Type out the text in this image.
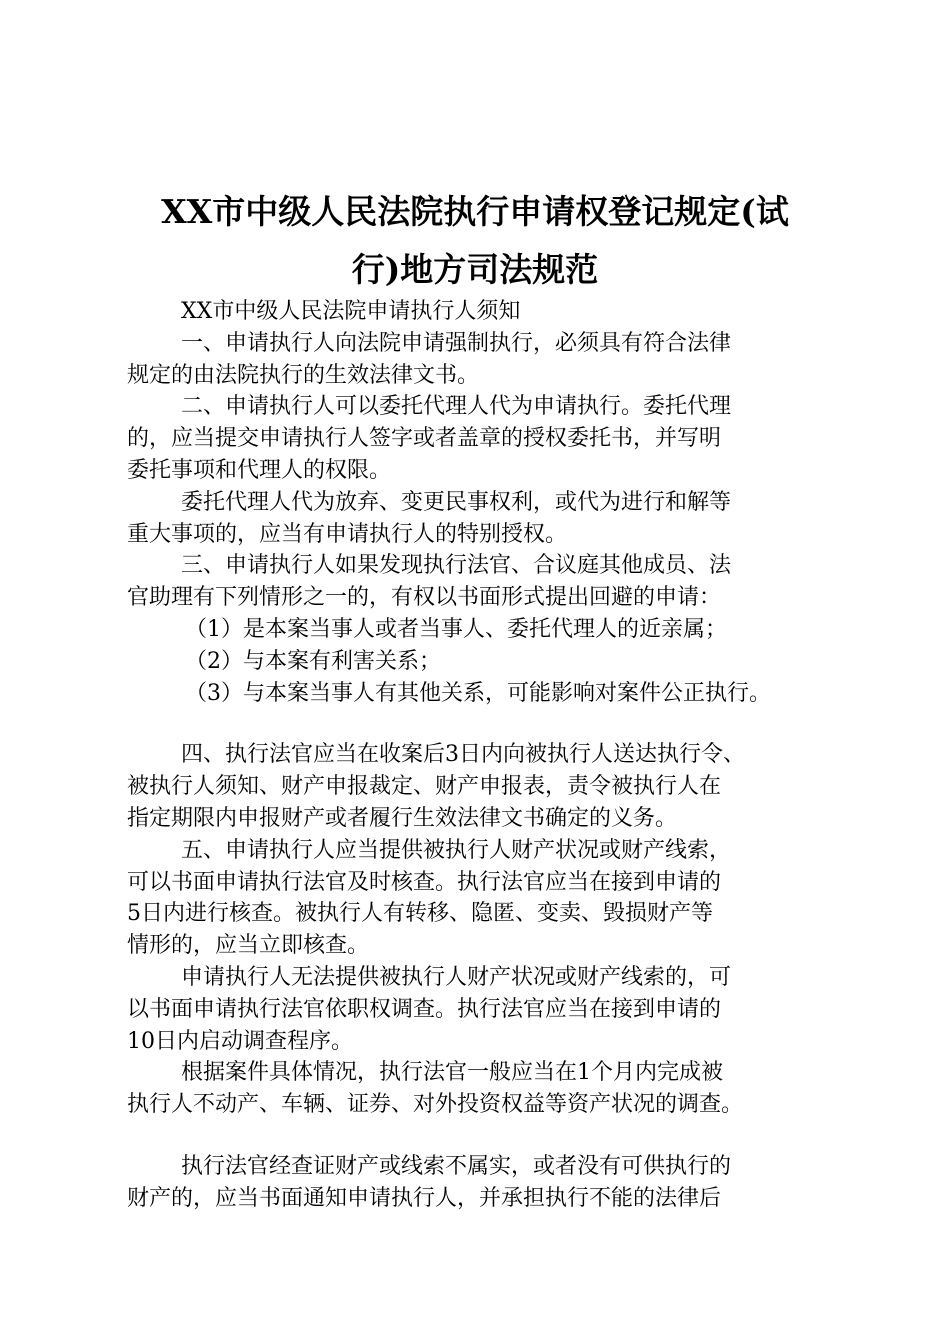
XX市中级人民法院执行申请权登记规定(试
行)地方司法规范
XX市中级人民法院申请执行人须知
一、申请执行人向法院申请强制执行，必须具有符合法律
规定的由法院执行的生效法律文书。
二、申请执行人可以委托代理人代为申请执行。委托代理
的，应当提交申请执行人签字或者盖章的授权委托书，并写明
委托事项和代理人的权限。
委托代理人代为放弃、变更民事权利，或代为进行和解等
重大事项的，应当有申请执行人的特别授权。
三、申请执行人如果发现执行法官、合议庭其他成员、法
官助理有下列情形之一的，有权以书面形式提出回避的申请：
（1）是本案当事人或者当事人、委托代理人的近亲属；
（2）与本案有利害关系；
（3）与本案当事人有其他关系，可能影响对案件公正执行。
四、执行法官应当在收案后3日内向被执行人送达执行令、
被执行人须知、财产申报裁定、财产申报表，责令被执行人在
指定期限内申报财产或者履行生效法律文书确定的义务。
五、申请执行人应当提供被执行人财产状况或财产线索，
可以书面申请执行法官及时核查。执行法官应当在接到申请的
5日内进行核查。被执行人有转移、隐匿、变卖、毁损财产等
情形的，应当立即核查。
申请执行人无法提供被执行人财产状况或财产线索的，可
以书面申请执行法官依职权调查。执行法官应当在接到申请的
10日内启动调查程序。
根据案件具体情况，执行法官一般应当在1个月内完成被
执行人不动产、车辆、证券、对外投资权益等资产状况的调查。
执行法官经查证财产或线索不属实，或者没有可供执行的
财产的，应当书面通知申请执行人，并承担执行不能的法律后
